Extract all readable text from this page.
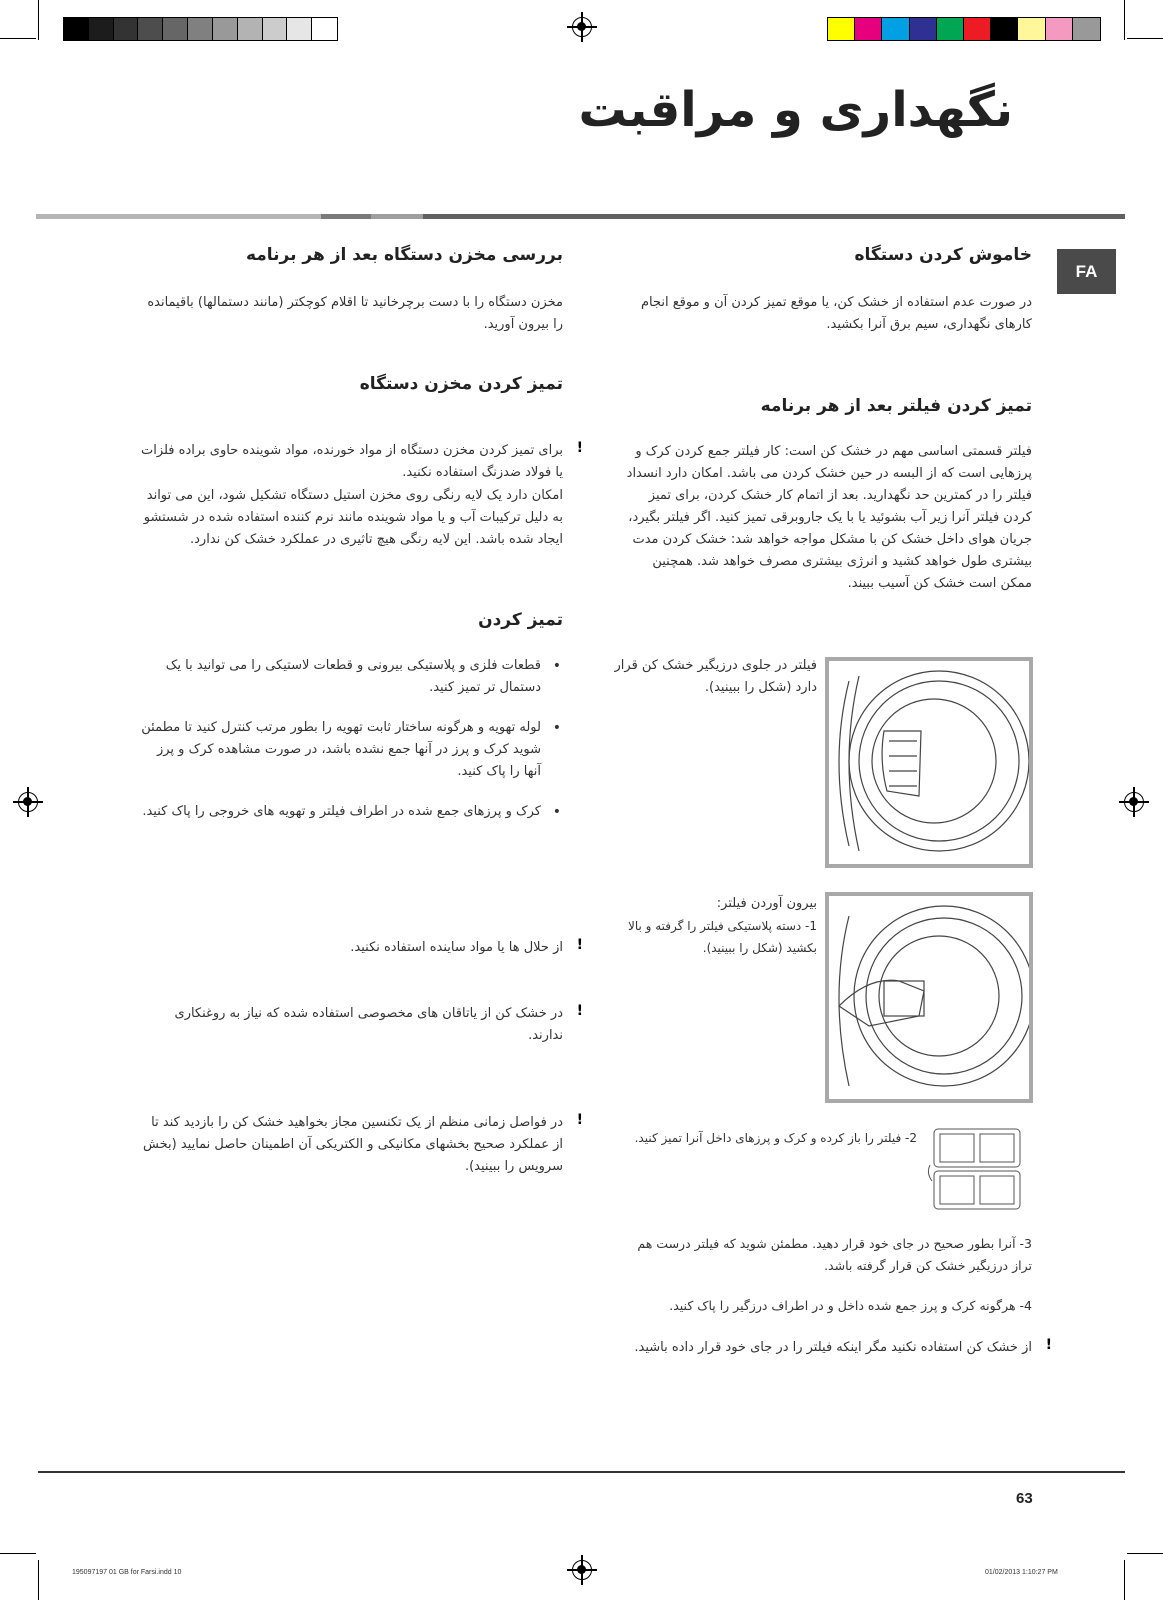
نگهداری و مراقبت
FA
خاموش کردن دستگاه

در صورت عدم استفاده از خشک کن، یا موقع تمیز کردن آن و موقع انجام کارهای نگهداری، سیم برق آنرا بکشید.

تمیز کردن فیلتر بعد از هر برنامه

فیلتر قسمتی اساسی مهم در خشک کن است: کار فیلتر جمع کردن کرک و پرزهایی است که از البسه در حین خشک کردن می باشد. امکان دارد انسداد فیلتر را در کمترین حد نگهدارید. بعد از اتمام کار خشک کردن، برای تمیز کردن فیلتر آنرا زیر آب بشوئید یا با یک جاروبرقی تمیز کنید. اگر فیلتر بگیرد، جریان هوای داخل خشک کن با مشکل مواجه خواهد شد: خشک کردن مدت بیشتری طول خواهد کشید و انرژی بیشتری مصرف خواهد شد. همچنین ممکن است خشک کن آسیب ببیند.

فیلتر در جلوی درزیگیر خشک کن قرار دارد (شکل را ببینید).

بیرون آوردن فیلتر:

1- دسته پلاستیکی فیلتر را گرفته و بالا بکشید (شکل را ببینید).

2- فیلتر را باز کرده و کرک و پرزهای داخل آنرا تمیز کنید.

3- آنرا بطور صحیح در جای خود قرار دهید. مطمئن شوید که فیلتر درست هم تراز درزیگیر خشک کن قرار گرفته باشد.

4- هرگونه کرک و پرز جمع شده داخل و در اطراف درزگیر را پاک کنید.

!

از خشک کن استفاده نکنید مگر اینکه فیلتر را در جای خود قرار داده باشید.

بررسی مخزن دستگاه بعد از هر برنامه

مخزن دستگاه را با دست برچرخانید تا اقلام کوچکتر (مانند دستمالها) باقیمانده را بیرون آورید.

تمیز کردن مخزن دستگاه
!

برای تمیز کردن مخزن دستگاه از مواد خورنده، مواد شوینده حاوی براده فلزات یا فولاد ضدزنگ استفاده نکنید.

امکان دارد یک لایه رنگی روی مخزن استیل دستگاه تشکیل شود، این می تواند به دلیل ترکیبات آب و یا مواد شوینده مانند نرم کننده استفاده شده در شستشو ایجاد شده باشد. این لایه رنگی هیچ تاثیری در عملکرد خشک کن ندارد.

تمیز کردن
• قطعات فلزی و پلاستیکی بیرونی و قطعات لاستیکی را می توانید با یک دستمال تر تمیز کنید.
• لوله تهویه و هرگونه ساختار ثابت تهویه را بطور مرتب کنترل کنید تا مطمئن شوید کرک و پرز در آنها جمع نشده باشد، در صورت مشاهده کرک و پرز آنها را پاک کنید.
• کرک و پرزهای جمع شده در اطراف فیلتر و تهویه های خروجی را پاک کنید.
!

از حلال ها یا مواد ساینده استفاده نکنید.

!

در خشک کن از یاتاقان های مخصوصی استفاده شده که نیاز به روغنکاری ندارند.

!

در فواصل زمانی منظم از یک تکنسین مجاز بخواهید خشک کن را بازدید کند تا از عملکرد صحیح بخشهای مکانیکی و الکتریکی آن اطمینان حاصل نمایید (بخش سرویس را ببینید).

63
195097197 01 GB for Farsi.indd 10	01/02/2013 1:10:27 PM
